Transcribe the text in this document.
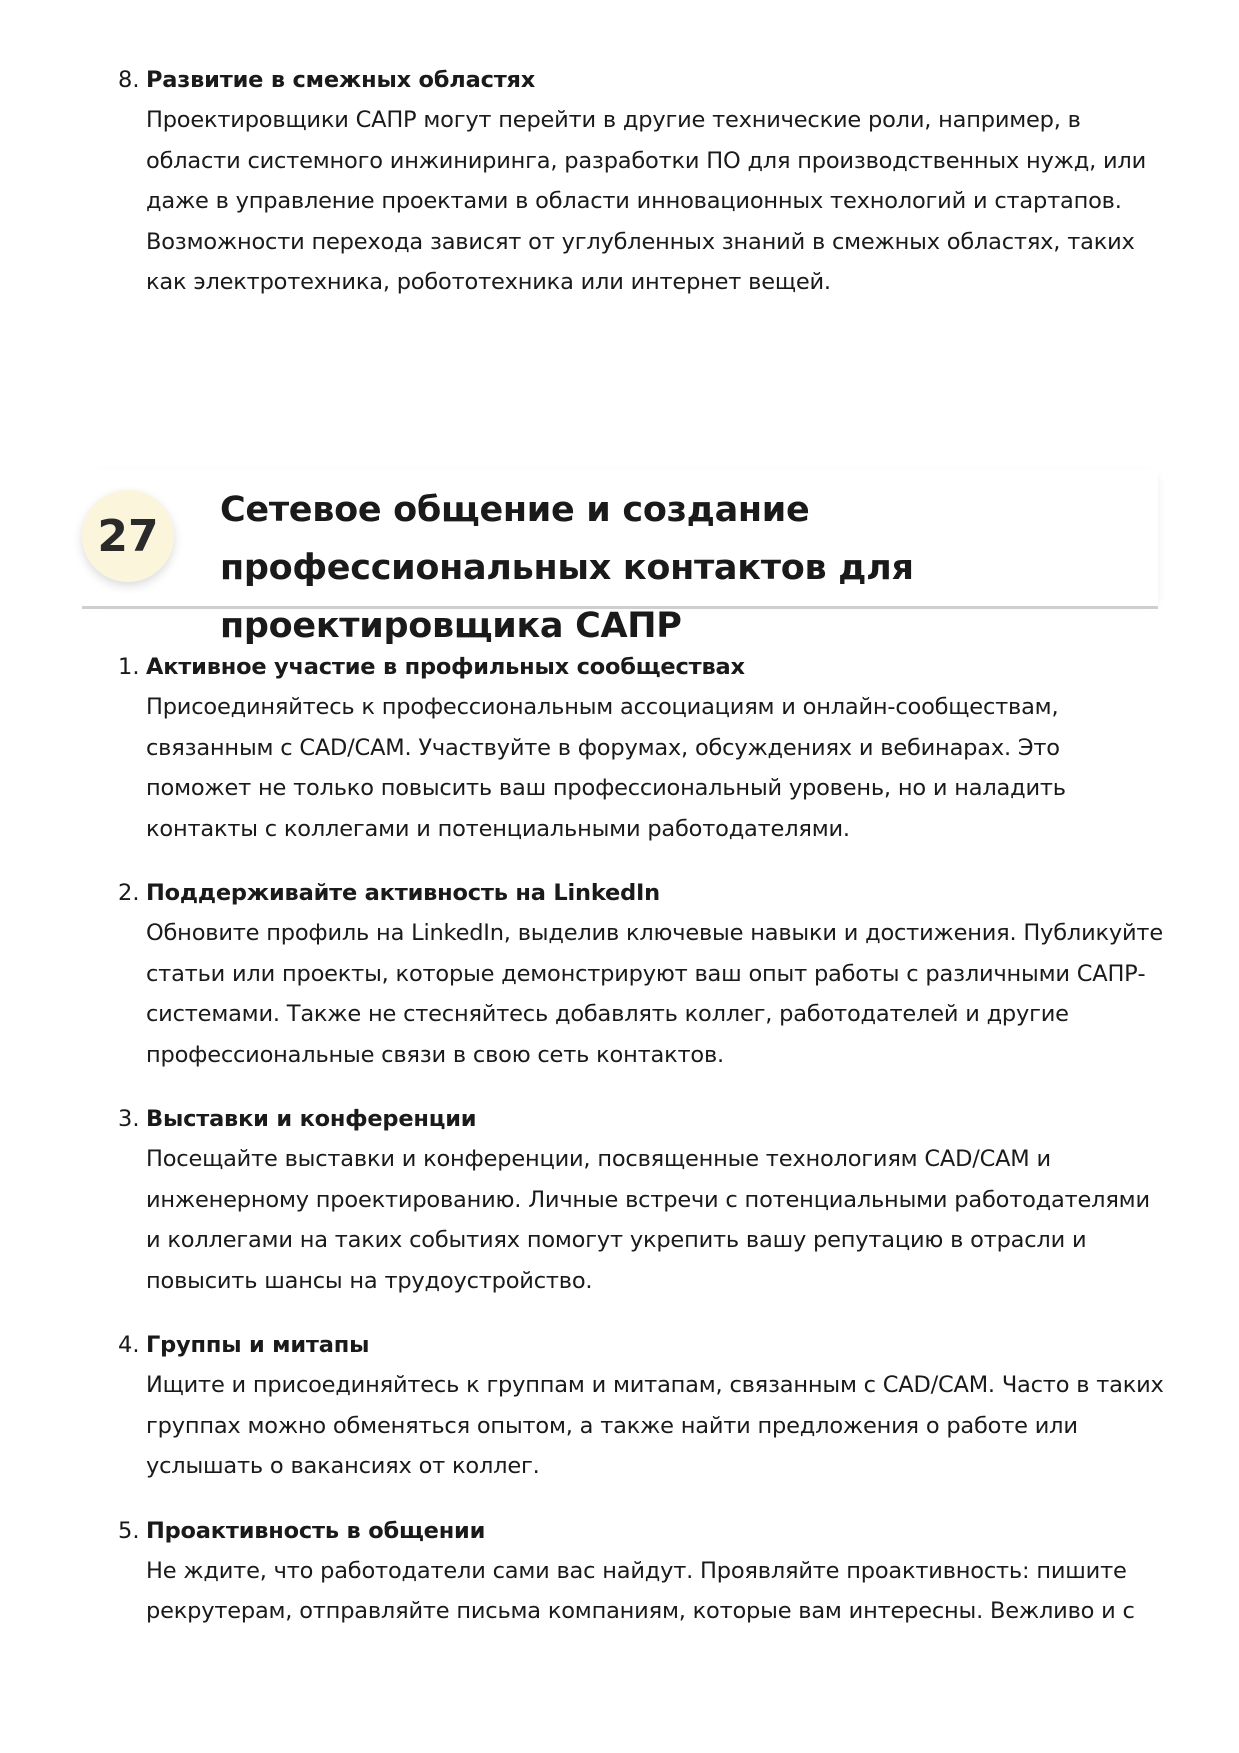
8. Развитие в смежных областях

Проектировщики САПР могут перейти в другие технические роли, например, в области системного инжиниринга, разработки ПО для производственных нужд, или даже в управление проектами в области инновационных технологий и стартапов. Возможности перехода зависят от углубленных знаний в смежных областях, таких как электротехника, робототехника или интернет вещей.

27
Сетевое общение и создание профессиональных контактов для проектировщика САПР
1. Активное участие в профильных сообществах

Присоединяйтесь к профессиональным ассоциациям и онлайн-сообществам, связанным с CAD/CAM. Участвуйте в форумах, обсуждениях и вебинарах. Это поможет не только повысить ваш профессиональный уровень, но и наладить контакты с коллегами и потенциальными работодателями.

2. Поддерживайте активность на LinkedIn

Обновите профиль на LinkedIn, выделив ключевые навыки и достижения. Публикуйте статьи или проекты, которые демонстрируют ваш опыт работы с различными САПР-системами. Также не стесняйтесь добавлять коллег, работодателей и другие профессиональные связи в свою сеть контактов.

3. Выставки и конференции

Посещайте выставки и конференции, посвященные технологиям CAD/CAM и инженерному проектированию. Личные встречи с потенциальными работодателями и коллегами на таких событиях помогут укрепить вашу репутацию в отрасли и повысить шансы на трудоустройство.

4. Группы и митапы

Ищите и присоединяйтесь к группам и митапам, связанным с CAD/CAM. Часто в таких группах можно обменяться опытом, а также найти предложения о работе или услышать о вакансиях от коллег.

5. Проактивность в общении

Не ждите, что работодатели сами вас найдут. Проявляйте проактивность: пишите рекрутерам, отправляйте письма компаниям, которые вам интересны. Вежливо и с
